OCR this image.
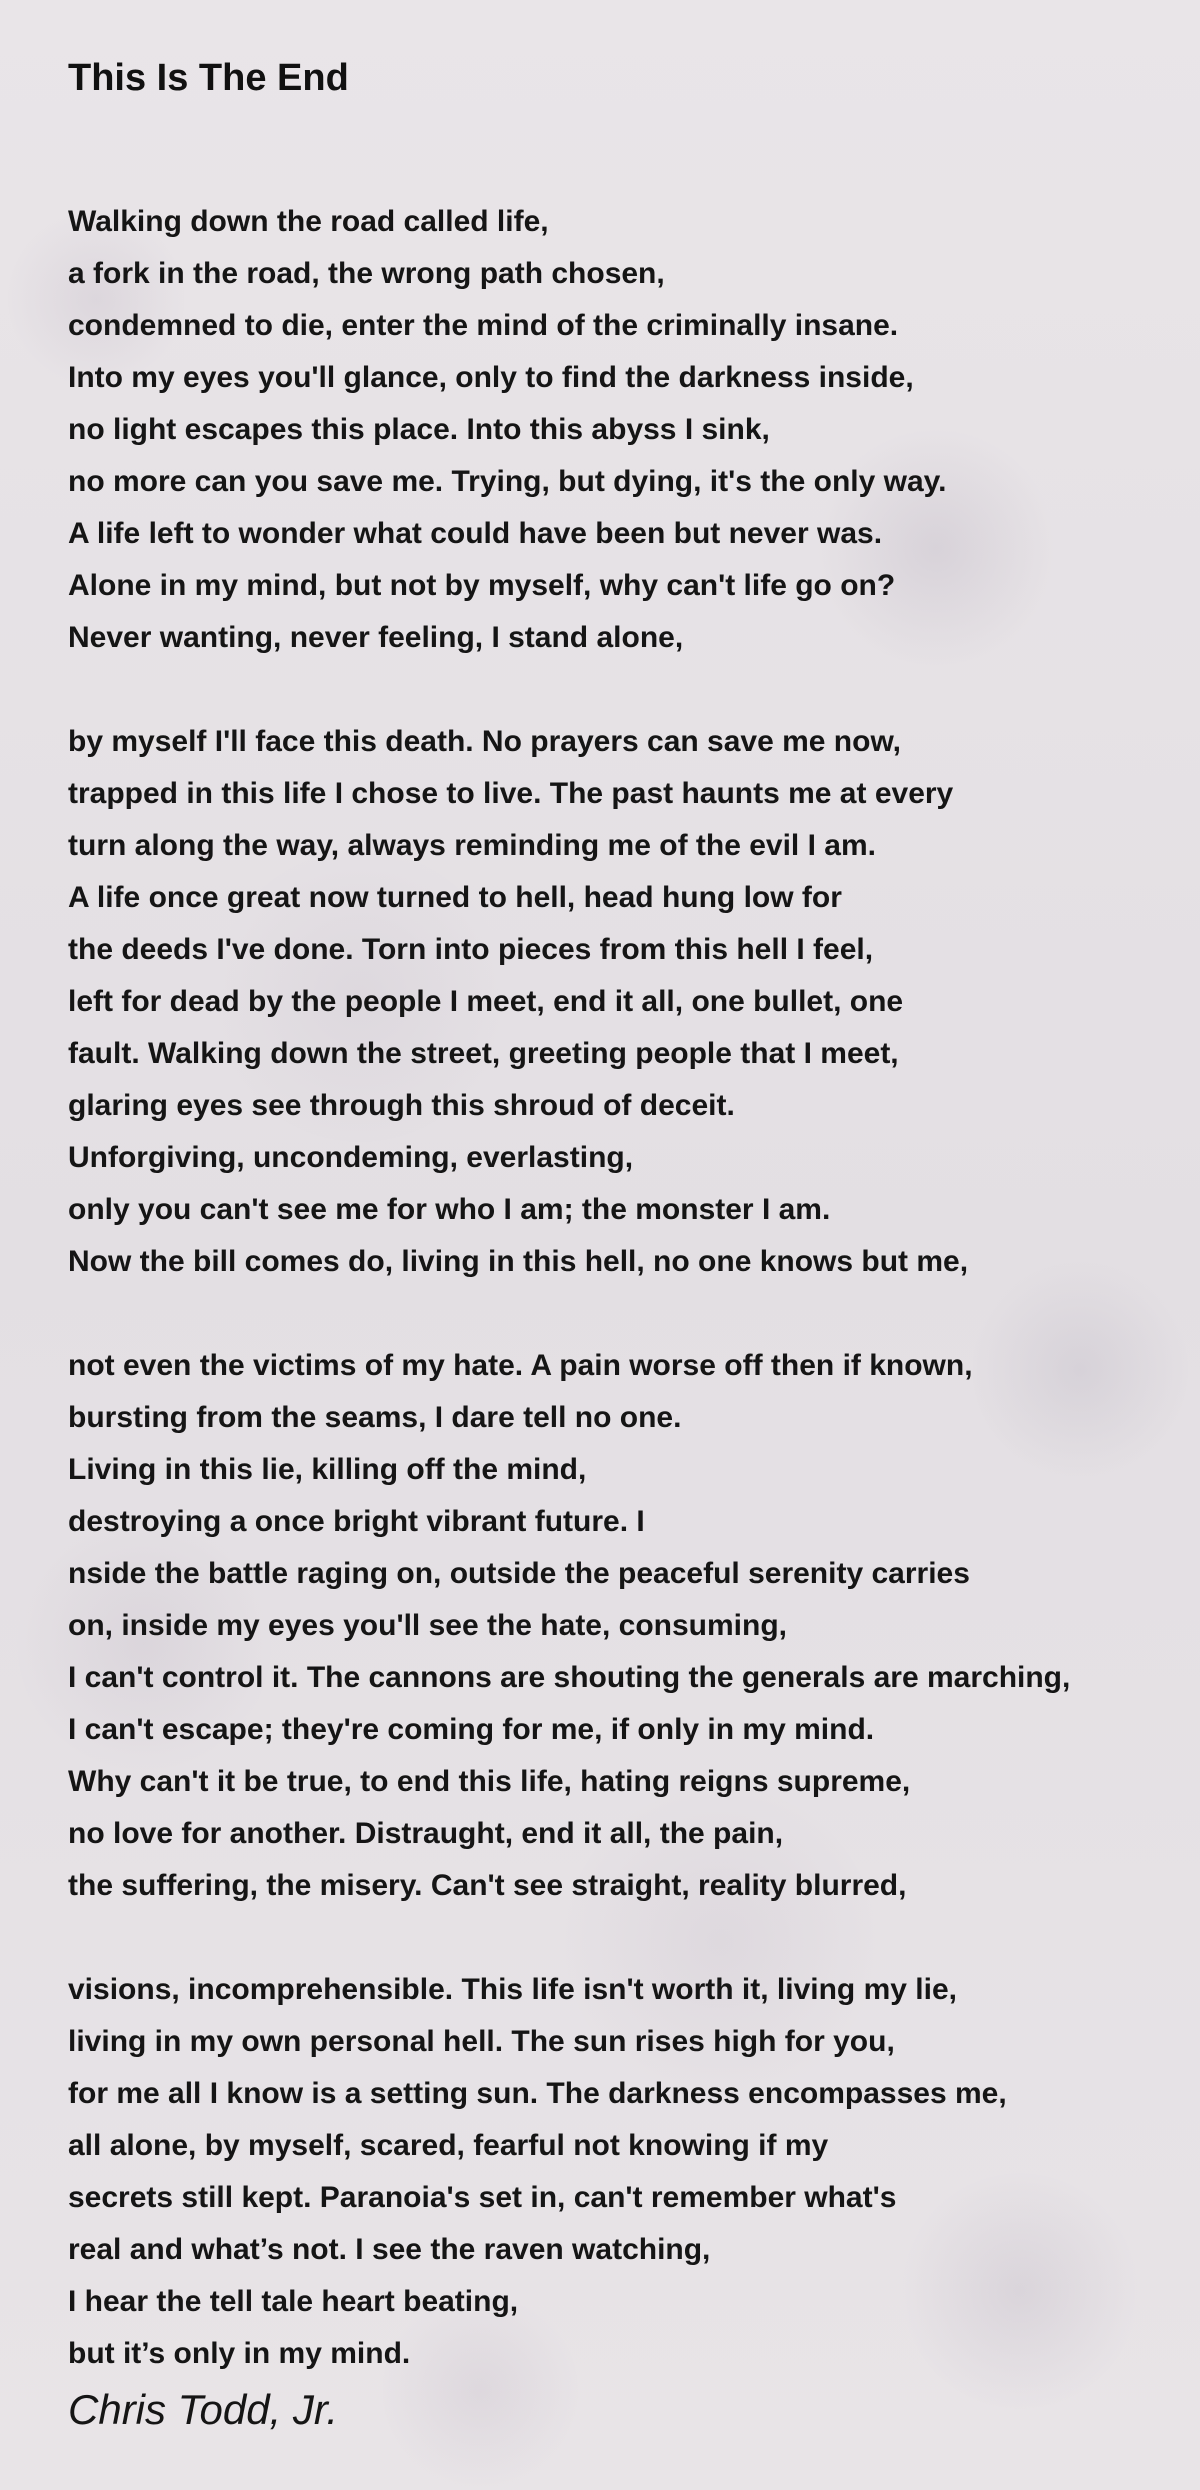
This Is The End
Walking down the road called life,
a fork in the road, the wrong path chosen,
condemned to die, enter the mind of the criminally insane.
Into my eyes you'll glance, only to find the darkness inside,
no light escapes this place. Into this abyss I sink,
no more can you save me. Trying, but dying, it's the only way.
A life left to wonder what could have been but never was.
Alone in my mind, but not by myself, why can't life go on?
Never wanting, never feeling, I stand alone,
by myself I'll face this death. No prayers can save me now,
trapped in this life I chose to live. The past haunts me at every
turn along the way, always reminding me of the evil I am.
A life once great now turned to hell, head hung low for
the deeds I've done. Torn into pieces from this hell I feel,
left for dead by the people I meet, end it all, one bullet, one
fault. Walking down the street, greeting people that I meet,
glaring eyes see through this shroud of deceit.
Unforgiving, uncondeming, everlasting,
only you can't see me for who I am; the monster I am.
Now the bill comes do, living in this hell, no one knows but me,
not even the victims of my hate. A pain worse off then if known,
bursting from the seams, I dare tell no one.
Living in this lie, killing off the mind,
destroying a once bright vibrant future. I
nside the battle raging on, outside the peaceful serenity carries
on, inside my eyes you'll see the hate, consuming,
I can't control it. The cannons are shouting the generals are marching,
I can't escape; they're coming for me, if only in my mind.
Why can't it be true, to end this life, hating reigns supreme,
no love for another. Distraught, end it all, the pain,
the suffering, the misery. Can't see straight, reality blurred,
visions, incomprehensible. This life isn't worth it, living my lie,
living in my own personal hell. The sun rises high for you,
for me all I know is a setting sun. The darkness encompasses me,
all alone, by myself, scared, fearful not knowing if my
secrets still kept. Paranoia's set in, can't remember what's
real and what’s not. I see the raven watching,
I hear the tell tale heart beating,
but it’s only in my mind.
Chris Todd, Jr.
